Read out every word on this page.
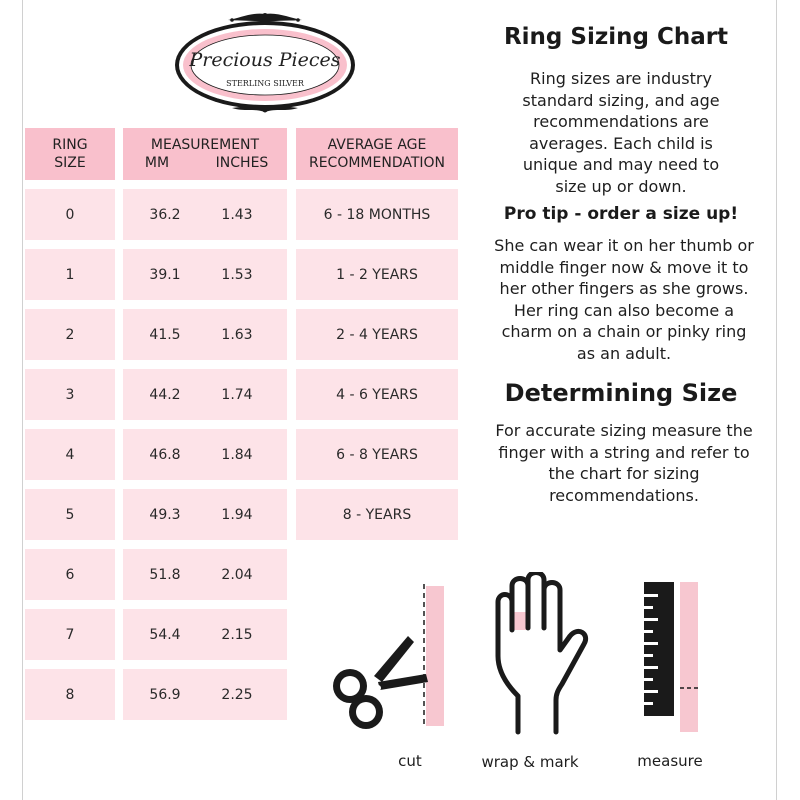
Precious Pieces
STERLING SILVER
RING
SIZE
MEASUREMENT
MM	INCHES
AVERAGE AGE
RECOMMENDATION
0	36.2	1.43	6 - 18 MONTHS
1	39.1	1.53	1 - 2 YEARS
2	41.5	1.63	2 - 4 YEARS
3	44.2	1.74	4 - 6 YEARS
4	46.8	1.84	6 - 8 YEARS
5	49.3	1.94	8 - YEARS
6	51.8	2.04
7	54.4	2.15
8	56.9	2.25
Ring Sizing Chart
Ring sizes are industry
standard sizing, and age
recommendations are
averages. Each child is
unique and may need to
size up or down.
Pro tip - order a size up!
She can wear it on her thumb or
middle finger now & move it to
her other fingers as she grows.
Her ring can also become a
charm on a chain or pinky ring
as an adult.
Determining Size
For accurate sizing measure the
finger with a string and refer to
the chart for sizing
recommendations.
cut	wrap & mark	measure
